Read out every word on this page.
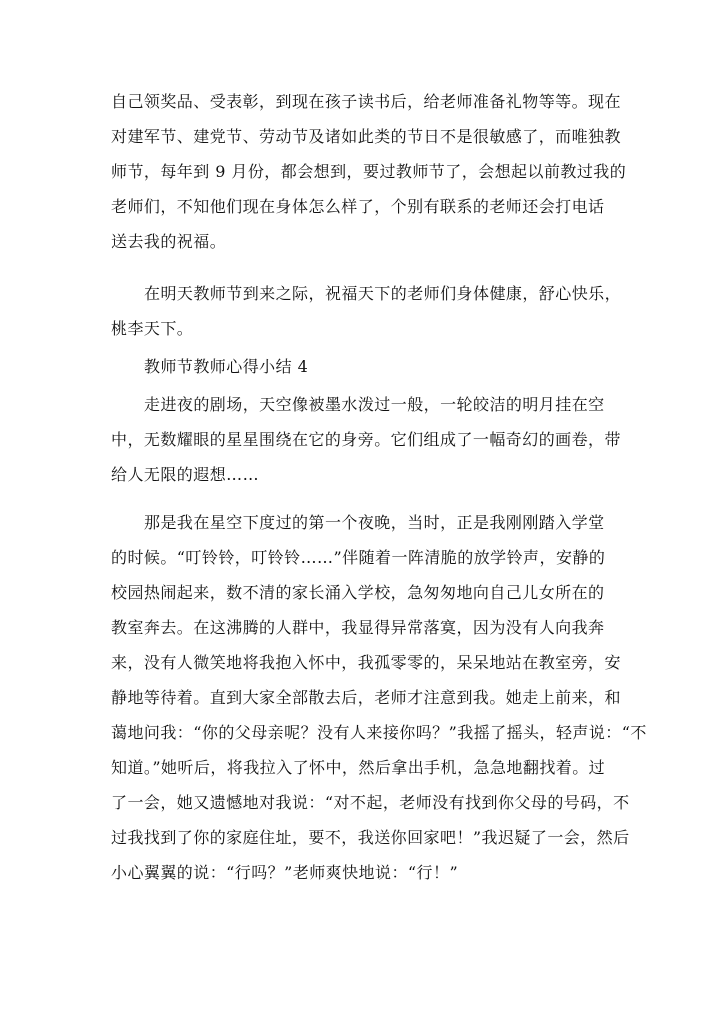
自己领奖品、受表彰，到现在孩子读书后，给老师准备礼物等等。现在
对建军节、建党节、劳动节及诸如此类的节日不是很敏感了，而唯独教
师节，每年到 9 月份，都会想到，要过教师节了，会想起以前教过我的
老师们，不知他们现在身体怎么样了，个别有联系的老师还会打电话
送去我的祝福。
在明天教师节到来之际，祝福天下的老师们身体健康，舒心快乐，
桃李天下。
教师节教师心得小结 4
走进夜的剧场，天空像被墨水泼过一般，一轮皎洁的明月挂在空
中，无数耀眼的星星围绕在它的身旁。它们组成了一幅奇幻的画卷，带
给人无限的遐想……
那是我在星空下度过的第一个夜晚，当时，正是我刚刚踏入学堂
的时候。“叮铃铃，叮铃铃……”伴随着一阵清脆的放学铃声，安静的
校园热闹起来，数不清的家长涌入学校，急匆匆地向自己儿女所在的
教室奔去。在这沸腾的人群中，我显得异常落寞，因为没有人向我奔
来，没有人微笑地将我抱入怀中，我孤零零的，呆呆地站在教室旁，安
静地等待着。直到大家全部散去后，老师才注意到我。她走上前来，和
蔼地问我：“你的父母亲呢？没有人来接你吗？”我摇了摇头，轻声说：“不
知道。”她听后，将我拉入了怀中，然后拿出手机，急急地翻找着。过
了一会，她又遗憾地对我说：“对不起，老师没有找到你父母的号码，不
过我找到了你的家庭住址，要不，我送你回家吧！”我迟疑了一会，然后
小心翼翼的说：“行吗？”老师爽快地说：“行！”
